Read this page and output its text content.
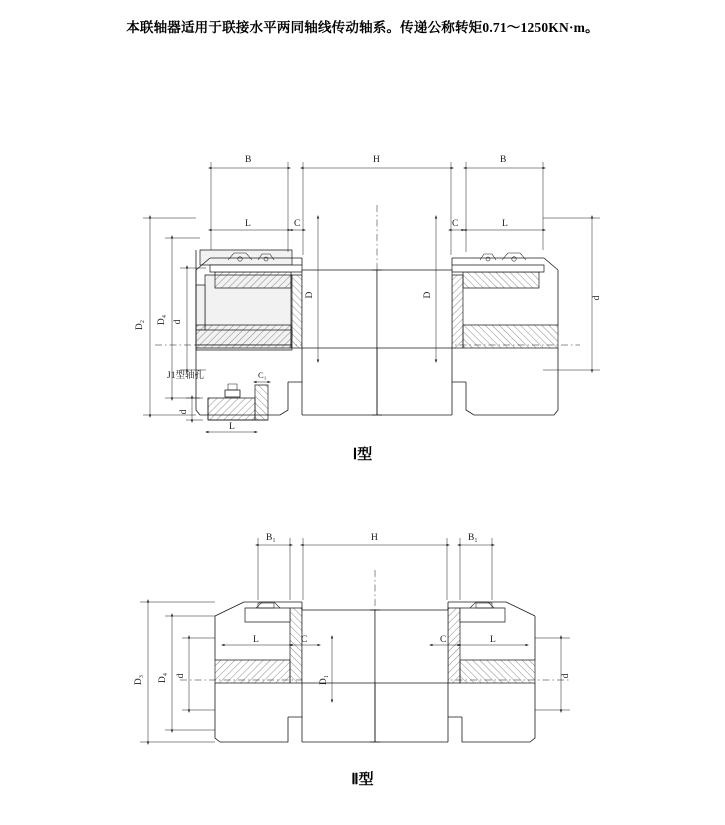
本联轴器适用于联接水平两同轴线传动轴系。传递公称转矩0.71～1250KN·m。
B	H	B
D₂ D₄ d
d
L	C
D	D
C	L
J1型轴孔	C₁
L
d
Ⅰ型
B₁	H	B₁
D₃ D₄ d	d
L	C
D₁
C	L
Ⅱ型
